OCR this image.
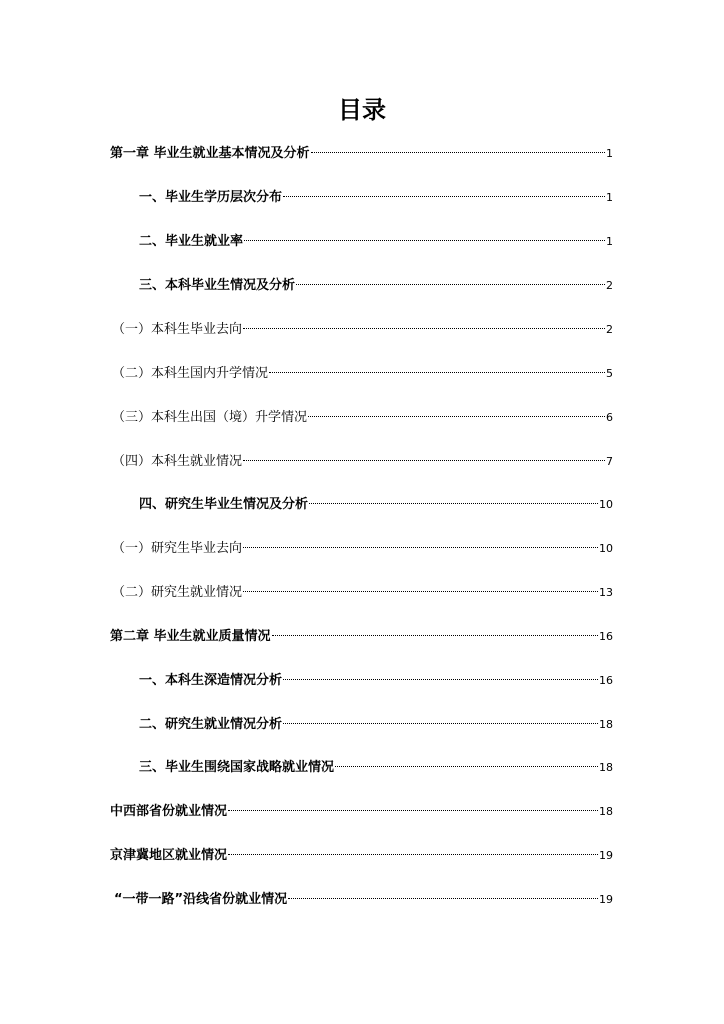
目录
第一章 毕业生就业基本情况及分析	1
一、毕业生学历层次分布	1
二、毕业生就业率	1
三、本科毕业生情况及分析	2
（一）本科生毕业去向	2
（二）本科生国内升学情况	5
（三）本科生出国（境）升学情况	6
（四）本科生就业情况	7
四、研究生毕业生情况及分析	10
（一）研究生毕业去向	10
（二）研究生就业情况	13
第二章 毕业生就业质量情况	16
一、本科生深造情况分析	16
二、研究生就业情况分析	18
三、毕业生围绕国家战略就业情况	18
中西部省份就业情况	18
京津冀地区就业情况	19
“一带一路”沿线省份就业情况	19
